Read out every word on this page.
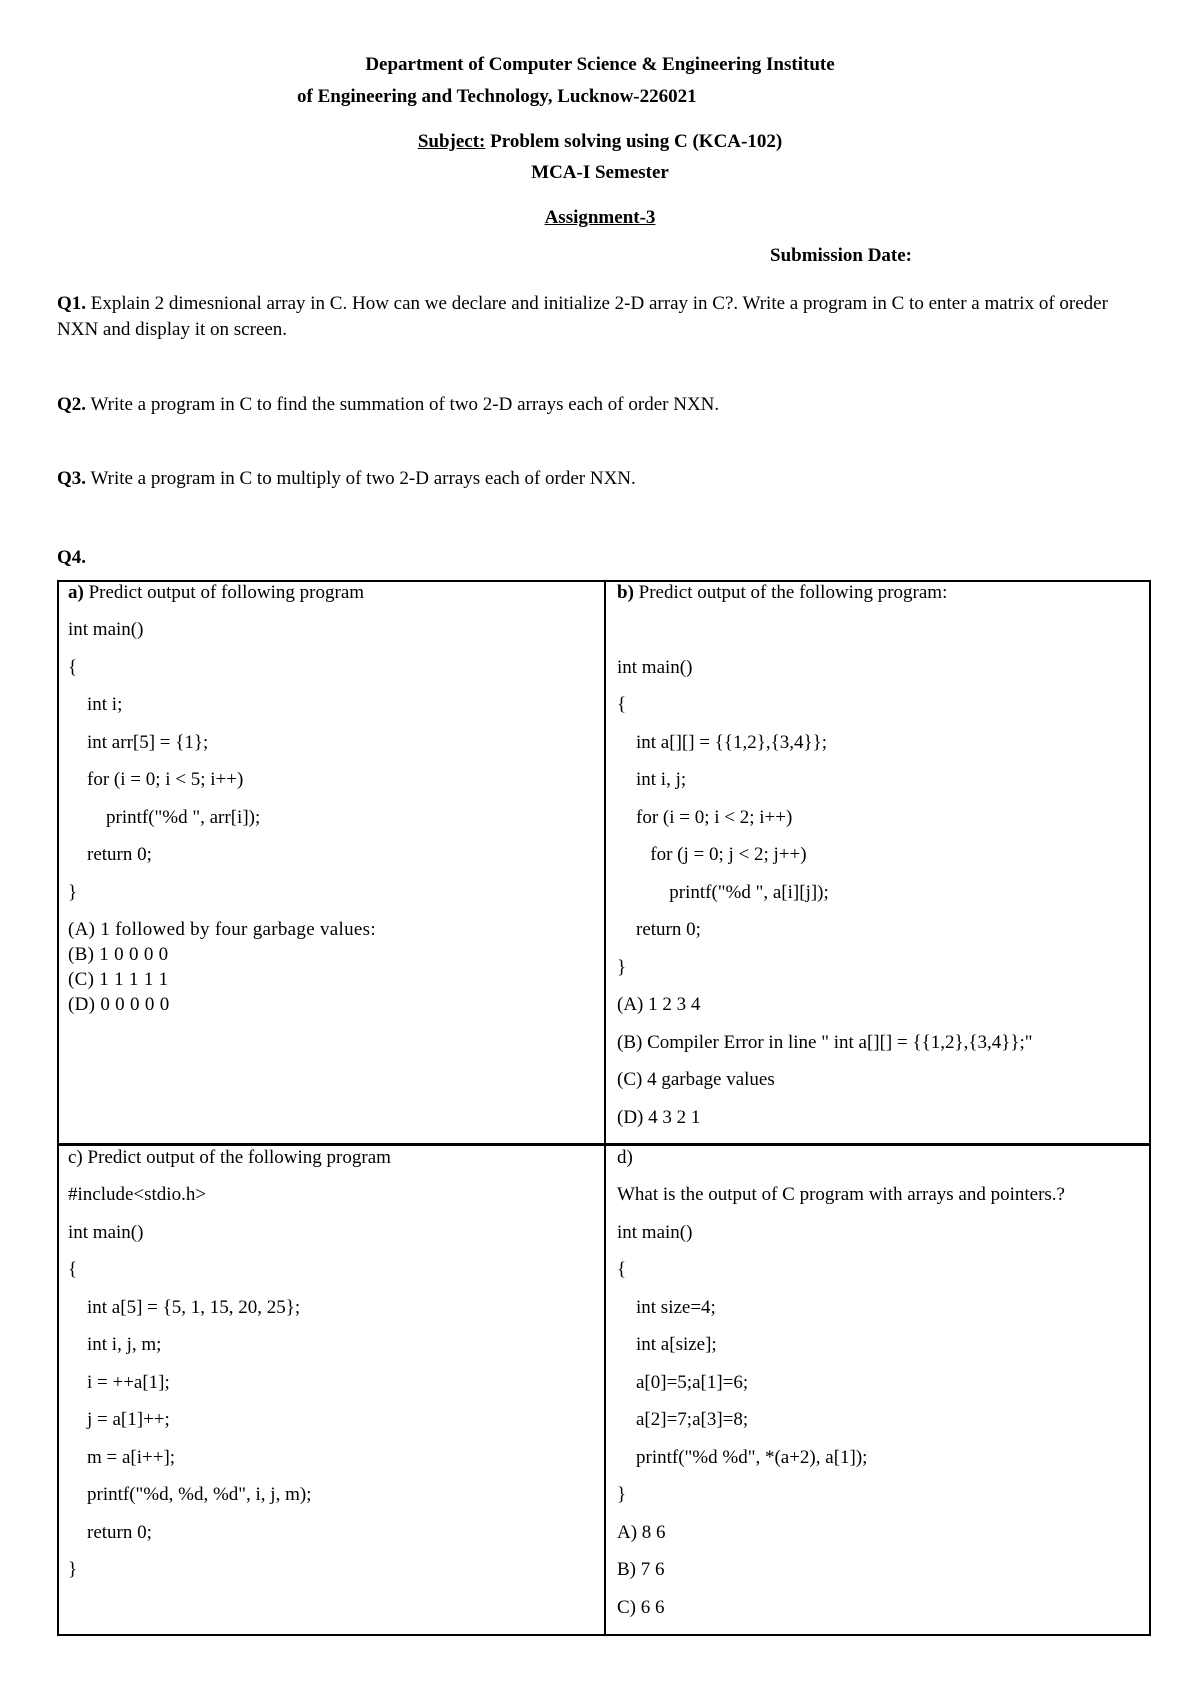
Department of Computer Science & Engineering Institute
of Engineering and Technology, Lucknow-226021
Subject: Problem solving using C (KCA-102)
MCA-I Semester
Assignment-3
Submission Date:
Q1. Explain 2 dimesnional array in C. How can we declare and initialize 2-D array in C?. Write a program in C to enter a matrix of oreder NXN and display it on screen.
Q2. Write a program in C to find the summation of two 2-D arrays each of order NXN.
Q3. Write a program in C to multiply of two 2-D arrays each of order NXN.
Q4.
a) Predict output of following program
int main()
{
int i;
int arr[5] = {1};
for (i = 0; i < 5; i++)
printf("%d ", arr[i]);
return 0;
}
(A) 1 followed by four garbage values:
(B) 1 0 0 0 0
(C) 1 1 1 1 1
(D) 0 0 0 0 0
b) Predict output of the following program:
int main()
{
int a[][] = {{1,2},{3,4}};
int i, j;
for (i = 0; i < 2; i++)
for (j = 0; j < 2; j++)
printf("%d ", a[i][j]);
return 0;
}
(A) 1 2 3 4
(B) Compiler Error in line " int a[][] = {{1,2},{3,4}};"
(C) 4 garbage values
(D) 4 3 2 1
c) Predict output of the following program
#include<stdio.h>
int main()
{
int a[5] = {5, 1, 15, 20, 25};
int i, j, m;
i = ++a[1];
j = a[1]++;
m = a[i++];
printf("%d, %d, %d", i, j, m);
return 0;
}
d)
What is the output of C program with arrays and pointers.?
int main()
{
int size=4;
int a[size];
a[0]=5;a[1]=6;
a[2]=7;a[3]=8;
printf("%d %d", *(a+2), a[1]);
}
A) 8 6
B) 7 6
C) 6 6
